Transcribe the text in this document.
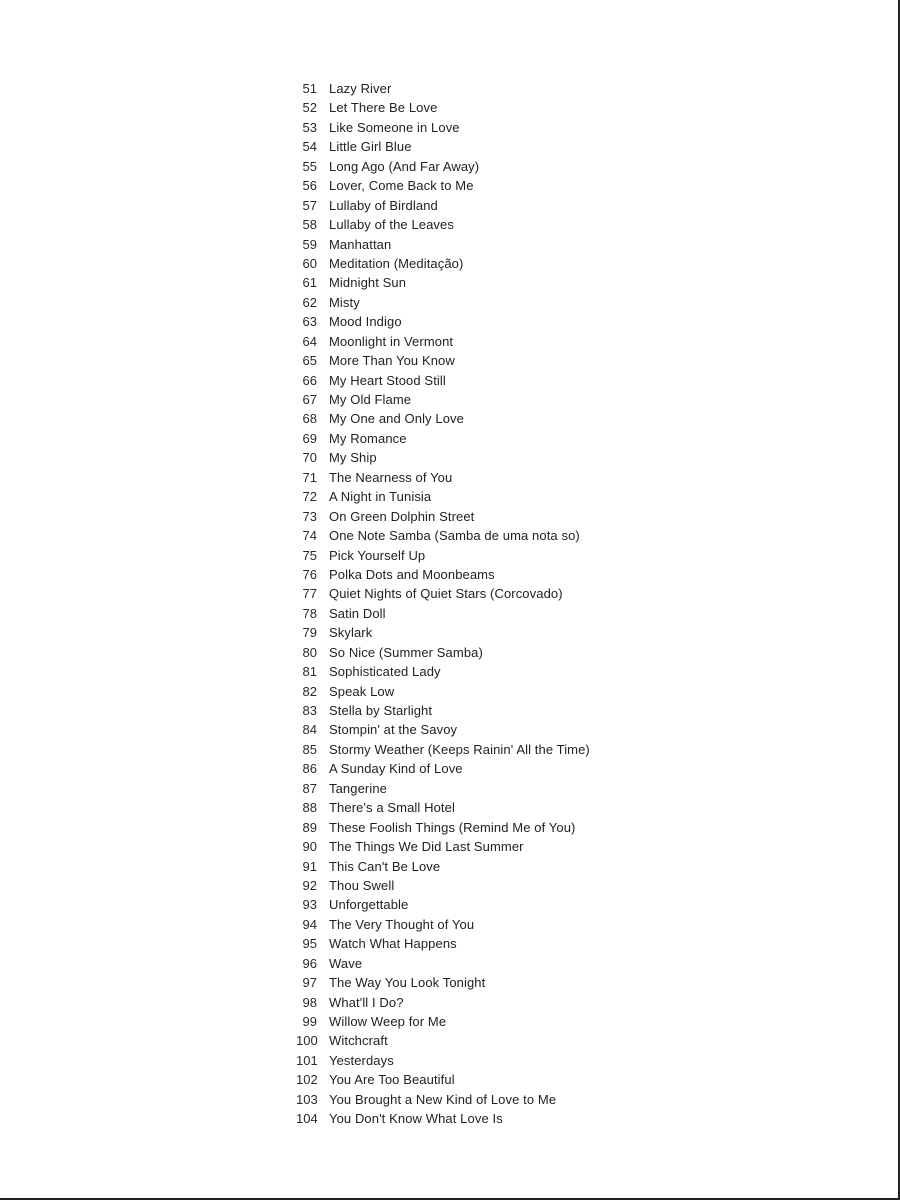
51 Lazy River
52 Let There Be Love
53 Like Someone in Love
54 Little Girl Blue
55 Long Ago (And Far Away)
56 Lover, Come Back to Me
57 Lullaby of Birdland
58 Lullaby of the Leaves
59 Manhattan
60 Meditation (Meditação)
61 Midnight Sun
62 Misty
63 Mood Indigo
64 Moonlight in Vermont
65 More Than You Know
66 My Heart Stood Still
67 My Old Flame
68 My One and Only Love
69 My Romance
70 My Ship
71 The Nearness of You
72 A Night in Tunisia
73 On Green Dolphin Street
74 One Note Samba (Samba de uma nota so)
75 Pick Yourself Up
76 Polka Dots and Moonbeams
77 Quiet Nights of Quiet Stars (Corcovado)
78 Satin Doll
79 Skylark
80 So Nice (Summer Samba)
81 Sophisticated Lady
82 Speak Low
83 Stella by Starlight
84 Stompin' at the Savoy
85 Stormy Weather (Keeps Rainin' All the Time)
86 A Sunday Kind of Love
87 Tangerine
88 There's a Small Hotel
89 These Foolish Things (Remind Me of You)
90 The Things We Did Last Summer
91 This Can't Be Love
92 Thou Swell
93 Unforgettable
94 The Very Thought of You
95 Watch What Happens
96 Wave
97 The Way You Look Tonight
98 What'll I Do?
99 Willow Weep for Me
100 Witchcraft
101 Yesterdays
102 You Are Too Beautiful
103 You Brought a New Kind of Love to Me
104 You Don't Know What Love Is
